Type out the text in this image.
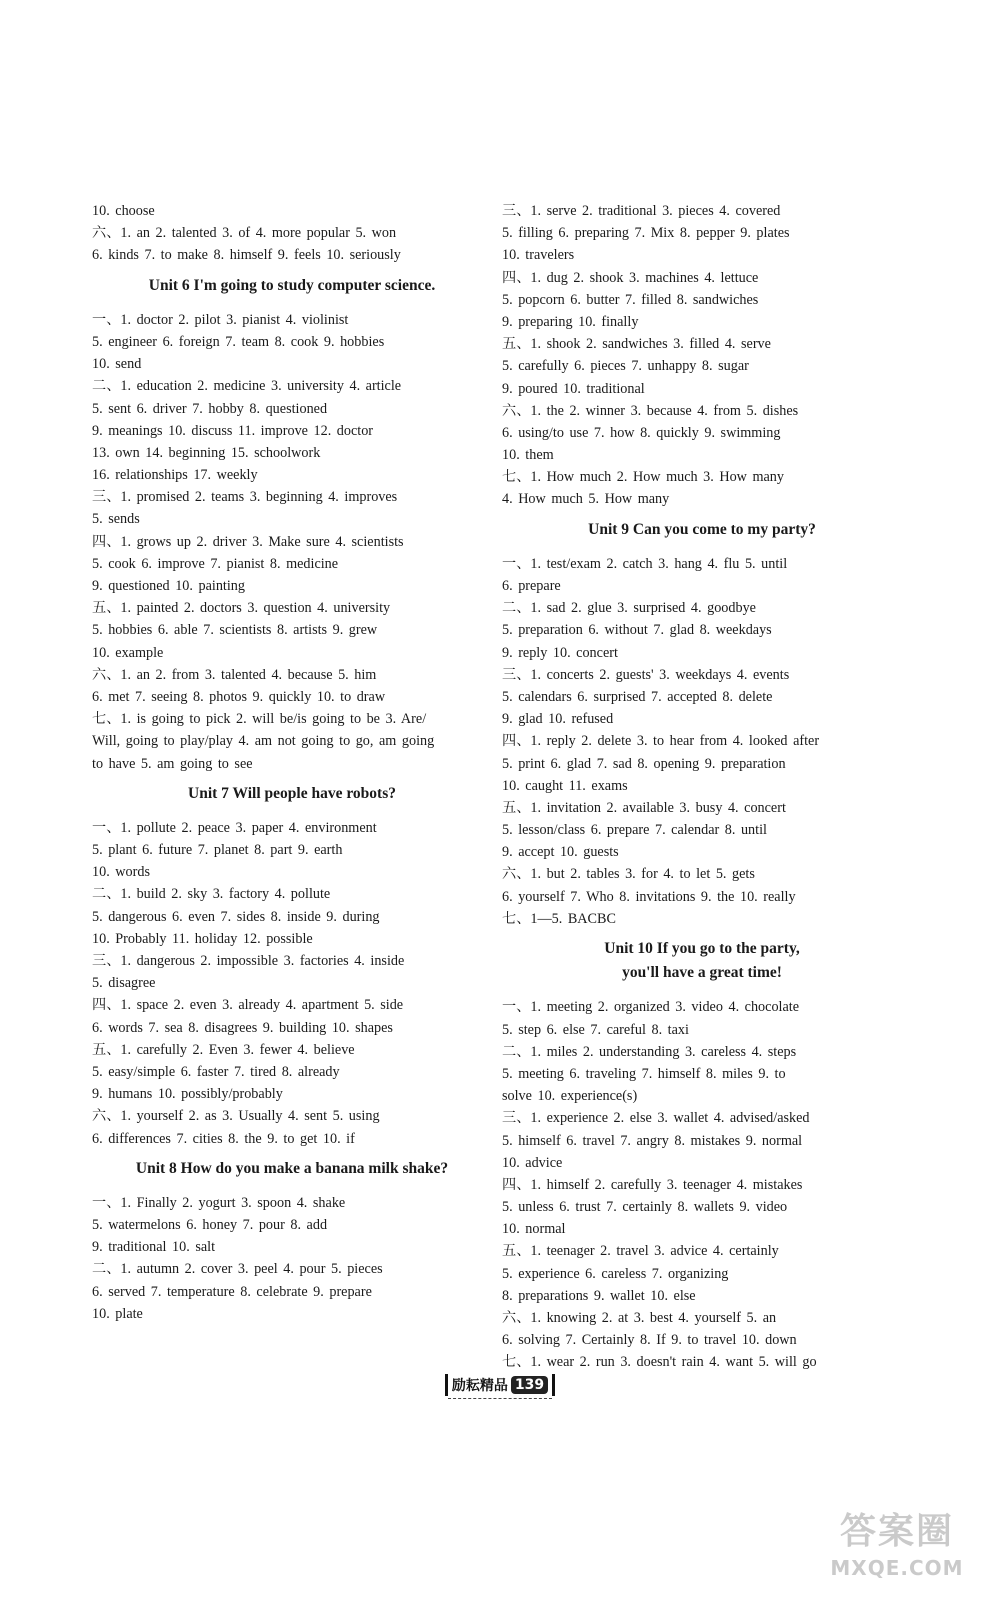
10. choose
六、1. an 2. talented 3. of 4. more popular 5. won
6. kinds 7. to make 8. himself 9. feels 10. seriously
Unit 6 I'm going to study computer science.
一、1. doctor 2. pilot 3. pianist 4. violinist
5. engineer 6. foreign 7. team 8. cook 9. hobbies
10. send
二、1. education 2. medicine 3. university 4. article
5. sent 6. driver 7. hobby 8. questioned
9. meanings 10. discuss 11. improve 12. doctor
13. own 14. beginning 15. schoolwork
16. relationships 17. weekly
三、1. promised 2. teams 3. beginning 4. improves
5. sends
四、1. grows up 2. driver 3. Make sure 4. scientists
5. cook 6. improve 7. pianist 8. medicine
9. questioned 10. painting
五、1. painted 2. doctors 3. question 4. university
5. hobbies 6. able 7. scientists 8. artists 9. grew
10. example
六、1. an 2. from 3. talented 4. because 5. him
6. met 7. seeing 8. photos 9. quickly 10. to draw
七、1. is going to pick 2. will be/is going to be 3. Are/
Will, going to play/play 4. am not going to go, am going
to have 5. am going to see
Unit 7 Will people have robots?
一、1. pollute 2. peace 3. paper 4. environment
5. plant 6. future 7. planet 8. part 9. earth
10. words
二、1. build 2. sky 3. factory 4. pollute
5. dangerous 6. even 7. sides 8. inside 9. during
10. Probably 11. holiday 12. possible
三、1. dangerous 2. impossible 3. factories 4. inside
5. disagree
四、1. space 2. even 3. already 4. apartment 5. side
6. words 7. sea 8. disagrees 9. building 10. shapes
五、1. carefully 2. Even 3. fewer 4. believe
5. easy/simple 6. faster 7. tired 8. already
9. humans 10. possibly/probably
六、1. yourself 2. as 3. Usually 4. sent 5. using
6. differences 7. cities 8. the 9. to get 10. if
Unit 8 How do you make a banana milk shake?
一、1. Finally 2. yogurt 3. spoon 4. shake
5. watermelons 6. honey 7. pour 8. add
9. traditional 10. salt
二、1. autumn 2. cover 3. peel 4. pour 5. pieces
6. served 7. temperature 8. celebrate 9. prepare
10. plate
三、1. serve 2. traditional 3. pieces 4. covered
5. filling 6. preparing 7. Mix 8. pepper 9. plates
10. travelers
四、1. dug 2. shook 3. machines 4. lettuce
5. popcorn 6. butter 7. filled 8. sandwiches
9. preparing 10. finally
五、1. shook 2. sandwiches 3. filled 4. serve
5. carefully 6. pieces 7. unhappy 8. sugar
9. poured 10. traditional
六、1. the 2. winner 3. because 4. from 5. dishes
6. using/to use 7. how 8. quickly 9. swimming
10. them
七、1. How much 2. How much 3. How many
4. How much 5. How many
Unit 9 Can you come to my party?
一、1. test/exam 2. catch 3. hang 4. flu 5. until
6. prepare
二、1. sad 2. glue 3. surprised 4. goodbye
5. preparation 6. without 7. glad 8. weekdays
9. reply 10. concert
三、1. concerts 2. guests' 3. weekdays 4. events
5. calendars 6. surprised 7. accepted 8. delete
9. glad 10. refused
四、1. reply 2. delete 3. to hear from 4. looked after
5. print 6. glad 7. sad 8. opening 9. preparation
10. caught 11. exams
五、1. invitation 2. available 3. busy 4. concert
5. lesson/class 6. prepare 7. calendar 8. until
9. accept 10. guests
六、1. but 2. tables 3. for 4. to let 5. gets
6. yourself 7. Who 8. invitations 9. the 10. really
七、1—5. BACBC
Unit 10 If you go to the party,
you'll have a great time!
一、1. meeting 2. organized 3. video 4. chocolate
5. step 6. else 7. careful 8. taxi
二、1. miles 2. understanding 3. careless 4. steps
5. meeting 6. traveling 7. himself 8. miles 9. to
solve 10. experience(s)
三、1. experience 2. else 3. wallet 4. advised/asked
5. himself 6. travel 7. angry 8. mistakes 9. normal
10. advice
四、1. himself 2. carefully 3. teenager 4. mistakes
5. unless 6. trust 7. certainly 8. wallets 9. video
10. normal
五、1. teenager 2. travel 3. advice 4. certainly
5. experience 6. careless 7. organizing
8. preparations 9. wallet 10. else
六、1. knowing 2. at 3. best 4. yourself 5. an
6. solving 7. Certainly 8. If 9. to travel 10. down
七、1. wear 2. run 3. doesn't rain 4. want 5. will go
励耘精品 139
答案圈
MXQE.COM
